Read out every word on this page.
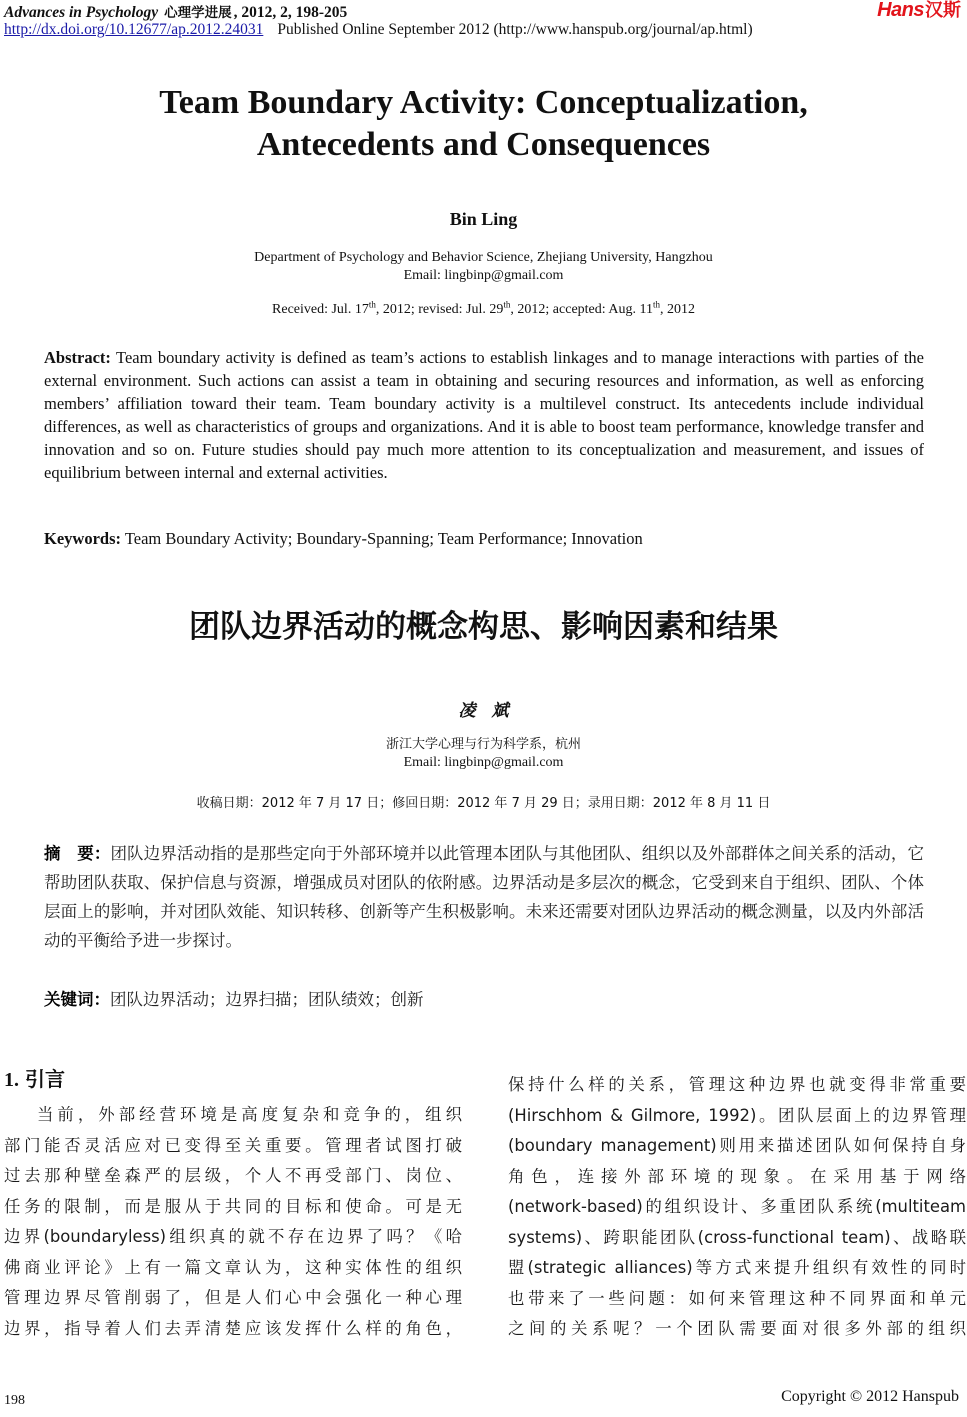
Advances in Psychology 心理学进展 , 2012, 2, 198-205
http://dx.doi.org/10.12677/ap.2012.24031 Published Online September 2012 (http://www.hanspub.org/journal/ap.html)
Hans汉斯
Team Boundary Activity: Conceptualization,
Antecedents and Consequences
Bin Ling
Department of Psychology and Behavior Science, Zhejiang University, Hangzhou
Email: lingbinp@gmail.com
Received: Jul. 17th, 2012; revised: Jul. 29th, 2012; accepted: Aug. 11th, 2012
Abstract: Team boundary activity is defined as team’s actions to establish linkages and to manage interactions with parties of the external environment. Such actions can assist a team in obtaining and securing resources and information, as well as enforcing members’ affiliation toward their team. Team boundary activity is a multilevel construct. Its antecedents include individual differences, as well as characteristics of groups and organizations. And it is able to boost team performance, knowledge transfer and innovation and so on. Future studies should pay much more attention to its conceptualization and measurement, and issues of equilibrium between internal and external activities.
Keywords: Team Boundary Activity; Boundary-Spanning; Team Performance; Innovation
团队边界活动的概念构思、影响因素和结果
凌斌
浙江大学心理与行为科学系，杭州
Email: lingbinp@gmail.com
收稿日期：2012 年 7 月 17 日；修回日期：2012 年 7 月 29 日；录用日期：2012 年 8 月 11 日
摘　要：团队边界活动指的是那些定向于外部环境并以此管理本团队与其他团队、组织以及外部群体之间关系的活动，它帮助团队获取、保护信息与资源，增强成员对团队的依附感。边界活动是多层次的概念，它受到来自于组织、团队、个体层面上的影响，并对团队效能、知识转移、创新等产生积极影响。未来还需要对团队边界活动的概念测量，以及内外部活动的平衡给予进一步探讨。
关键词：团队边界活动；边界扫描；团队绩效；创新
1. 引言
当前，外部经营环境是高度复杂和竞争的，组织
部门能否灵活应对已变得至关重要。管理者试图打破
过去那种壁垒森严的层级，个人不再受部门、岗位、
任务的限制，而是服从于共同的目标和使命。可是无
边界(boundaryless)组织真的就不存在边界了吗？《哈
佛商业评论》上有一篇文章认为，这种实体性的组织
管理边界尽管削弱了，但是人们心中会强化一种心理
边界，指导着人们去弄清楚应该发挥什么样的角色，
保持什么样的关系，管理这种边界也就变得非常重要
(Hirschhom & Gilmore, 1992)。团队层面上的边界管理
(boundary management)则用来描述团队如何保持自身
角色，连接外部环境的现象。在采用基于网络
(network-based)的组织设计、多重团队系统(multiteam
systems)、跨职能团队(cross-functional team)、战略联
盟(strategic alliances)等方式来提升组织有效性的同时
也带来了一些问题：如何来管理这种不同界面和单元
之间的关系呢？一个团队需要面对很多外部的组织
198	Copyright © 2012 Hanspub
